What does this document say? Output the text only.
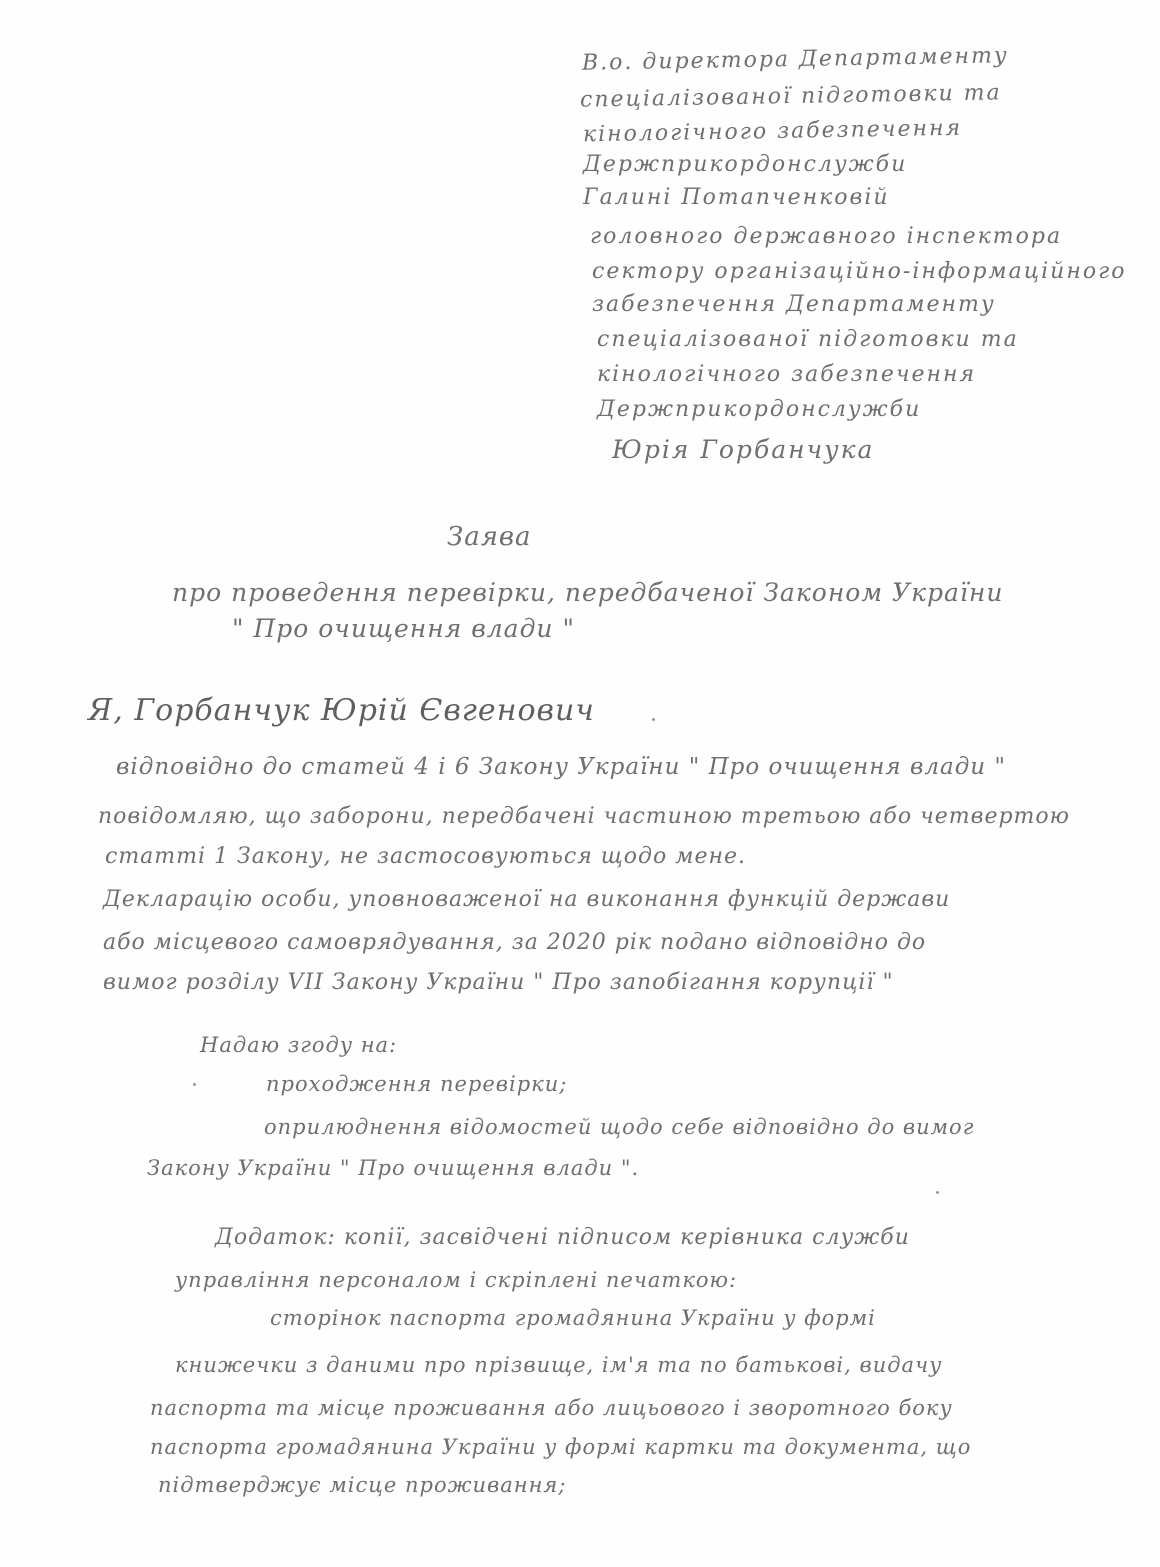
В.о. директора Департаменту
спеціалізованої підготовки та
кінологічного забезпечення
Держприкордонслужби
Галині Потапченковій
головного державного інспектора
сектору організаційно-інформаційного
забезпечення Департаменту
спеціалізованої підготовки та
кінологічного забезпечення
Держприкордонслужби
Юрія Горбанчука
Заява
про проведення перевірки, передбаченої Законом України
" Про очищення влади "
Я, Горбанчук Юрій Євгенович
відповідно до статей 4 і 6 Закону України " Про очищення влади "
повідомляю, що заборони, передбачені частиною третьою або четвертою
статті 1 Закону, не застосовуються щодо мене.
Декларацію особи, уповноваженої на виконання функцій держави
або місцевого самоврядування, за 2020 рік подано відповідно до
вимог розділу VII Закону України " Про запобігання корупції "
Надаю згоду на:
проходження перевірки;
оприлюднення відомостей щодо себе відповідно до вимог
Закону України " Про очищення влади ".
Додаток: копії, засвідчені підписом керівника служби
управління персоналом і скріплені печаткою:
сторінок паспорта громадянина України у формі
книжечки з даними про прізвище, ім'я та по батькові, видачу
паспорта та місце проживання або лицьового і зворотного боку
паспорта громадянина України у формі картки та документа, що
підтверджує місце проживання;
